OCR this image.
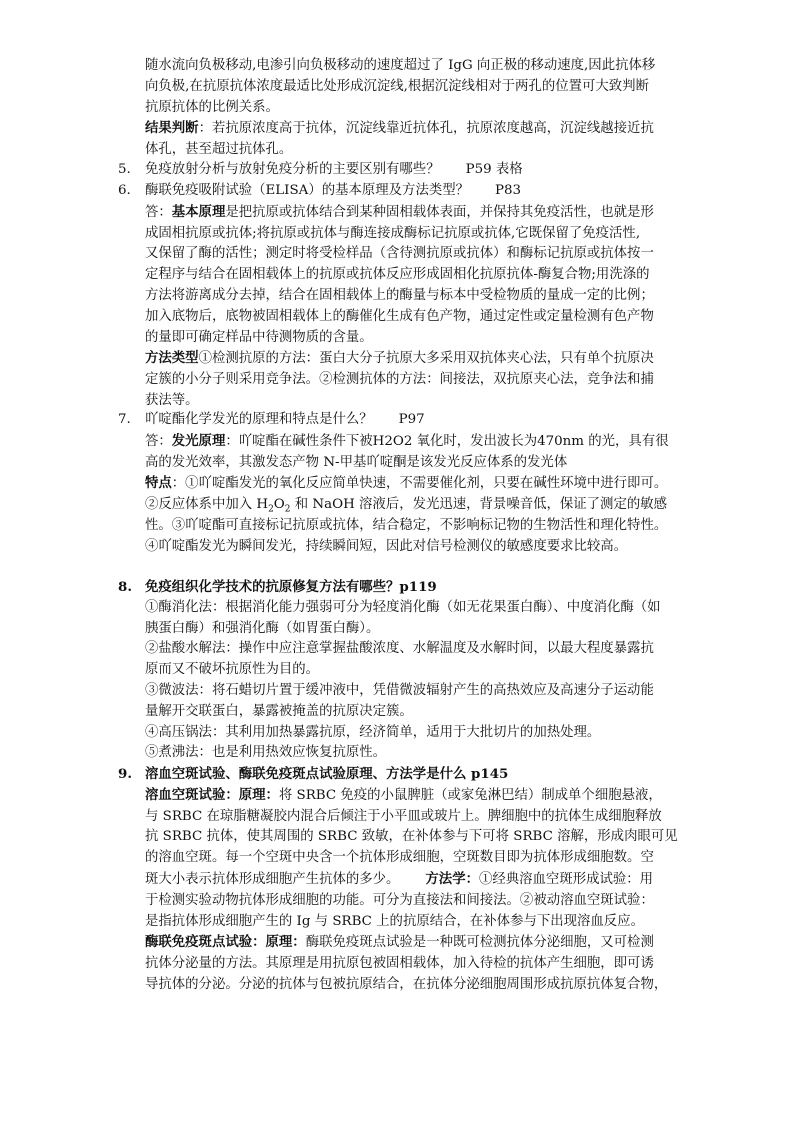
随水流向负极移动,电渗引向负极移动的速度超过了 IgG 向正极的移动速度,因此抗体移

向负极,在抗原抗体浓度最适比处形成沉淀线,根据沉淀线相对于两孔的位置可大致判断

抗原抗体的比例关系。

结果判断：若抗原浓度高于抗体，沉淀线靠近抗体孔，抗原浓度越高，沉淀线越接近抗

体孔，甚至超过抗体孔。

5. 免疫放射分析与放射免疫分析的主要区别有哪些？ P59 表格

6. 酶联免疫吸附试验（ELISA）的基本原理及方法类型？ P83

答：基本原理是把抗原或抗体结合到某种固相载体表面，并保持其免疫活性，也就是形

成固相抗原或抗体;将抗原或抗体与酶连接成酶标记抗原或抗体,它既保留了免疫活性,

又保留了酶的活性；测定时将受检样品（含待测抗原或抗体）和酶标记抗原或抗体按一

定程序与结合在固相载体上的抗原或抗体反应形成固相化抗原抗体-酶复合物;用洗涤的

方法将游离成分去掉，结合在固相载体上的酶量与标本中受检物质的量成一定的比例；

加入底物后，底物被固相载体上的酶催化生成有色产物，通过定性或定量检测有色产物

的量即可确定样品中待测物质的含量。

方法类型①检测抗原的方法：蛋白大分子抗原大多采用双抗体夹心法，只有单个抗原决

定簇的小分子则采用竞争法。②检测抗体的方法：间接法，双抗原夹心法，竞争法和捕

获法等。

7. 吖啶酯化学发光的原理和特点是什么？ P97

答：发光原理：吖啶酯在碱性条件下被H2O2 氧化时，发出波长为470nm 的光，具有很

高的发光效率，其激发态产物 N-甲基吖啶酮是该发光反应体系的发光体

特点：①吖啶酯发光的氧化反应简单快速，不需要催化剂，只要在碱性环境中进行即可。

②反应体系中加入 $H_2O_2$ 和 NaOH 溶液后，发光迅速，背景噪音低，保证了测定的敏感

性。③吖啶酯可直接标记抗原或抗体，结合稳定，不影响标记物的生物活性和理化特性。

④吖啶酯发光为瞬间发光，持续瞬间短，因此对信号检测仪的敏感度要求比较高。

8. 免疫组织化学技术的抗原修复方法有哪些？p119

①酶消化法：根据消化能力强弱可分为轻度消化酶（如无花果蛋白酶）、中度消化酶（如

胰蛋白酶）和强消化酶（如胃蛋白酶）。

②盐酸水解法：操作中应注意掌握盐酸浓度、水解温度及水解时间，以最大程度暴露抗

原而又不破坏抗原性为目的。

③微波法：将石蜡切片置于缓冲液中，凭借微波辐射产生的高热效应及高速分子运动能

量解开交联蛋白，暴露被掩盖的抗原决定簇。

④高压锅法：其利用加热暴露抗原，经济简单，适用于大批切片的加热处理。

⑤煮沸法：也是利用热效应恢复抗原性。

9. 溶血空斑试验、酶联免疫斑点试验原理、方法学是什么 p145

溶血空斑试验：原理：将 SRBC 免疫的小鼠脾脏（或家兔淋巴结）制成单个细胞悬液，

与 SRBC 在琼脂糖凝胶内混合后倾注于小平皿或玻片上。脾细胞中的抗体生成细胞释放

抗 SRBC 抗体，使其周围的 SRBC 致敏，在补体参与下可将 SRBC 溶解，形成肉眼可见

的溶血空斑。每一个空斑中央含一个抗体形成细胞，空斑数目即为抗体形成细胞数。空

斑大小表示抗体形成细胞产生抗体的多少。 方法学：①经典溶血空斑形成试验：用

于检测实验动物抗体形成细胞的功能。可分为直接法和间接法。②被动溶血空斑试验：

是指抗体形成细胞产生的 Ig 与 SRBC 上的抗原结合，在补体参与下出现溶血反应。

酶联免疫斑点试验：原理：酶联免疫斑点试验是一种既可检测抗体分泌细胞，又可检测

抗体分泌量的方法。其原理是用抗原包被固相载体，加入待检的抗体产生细胞，即可诱

导抗体的分泌。分泌的抗体与包被抗原结合，在抗体分泌细胞周围形成抗原抗体复合物，
